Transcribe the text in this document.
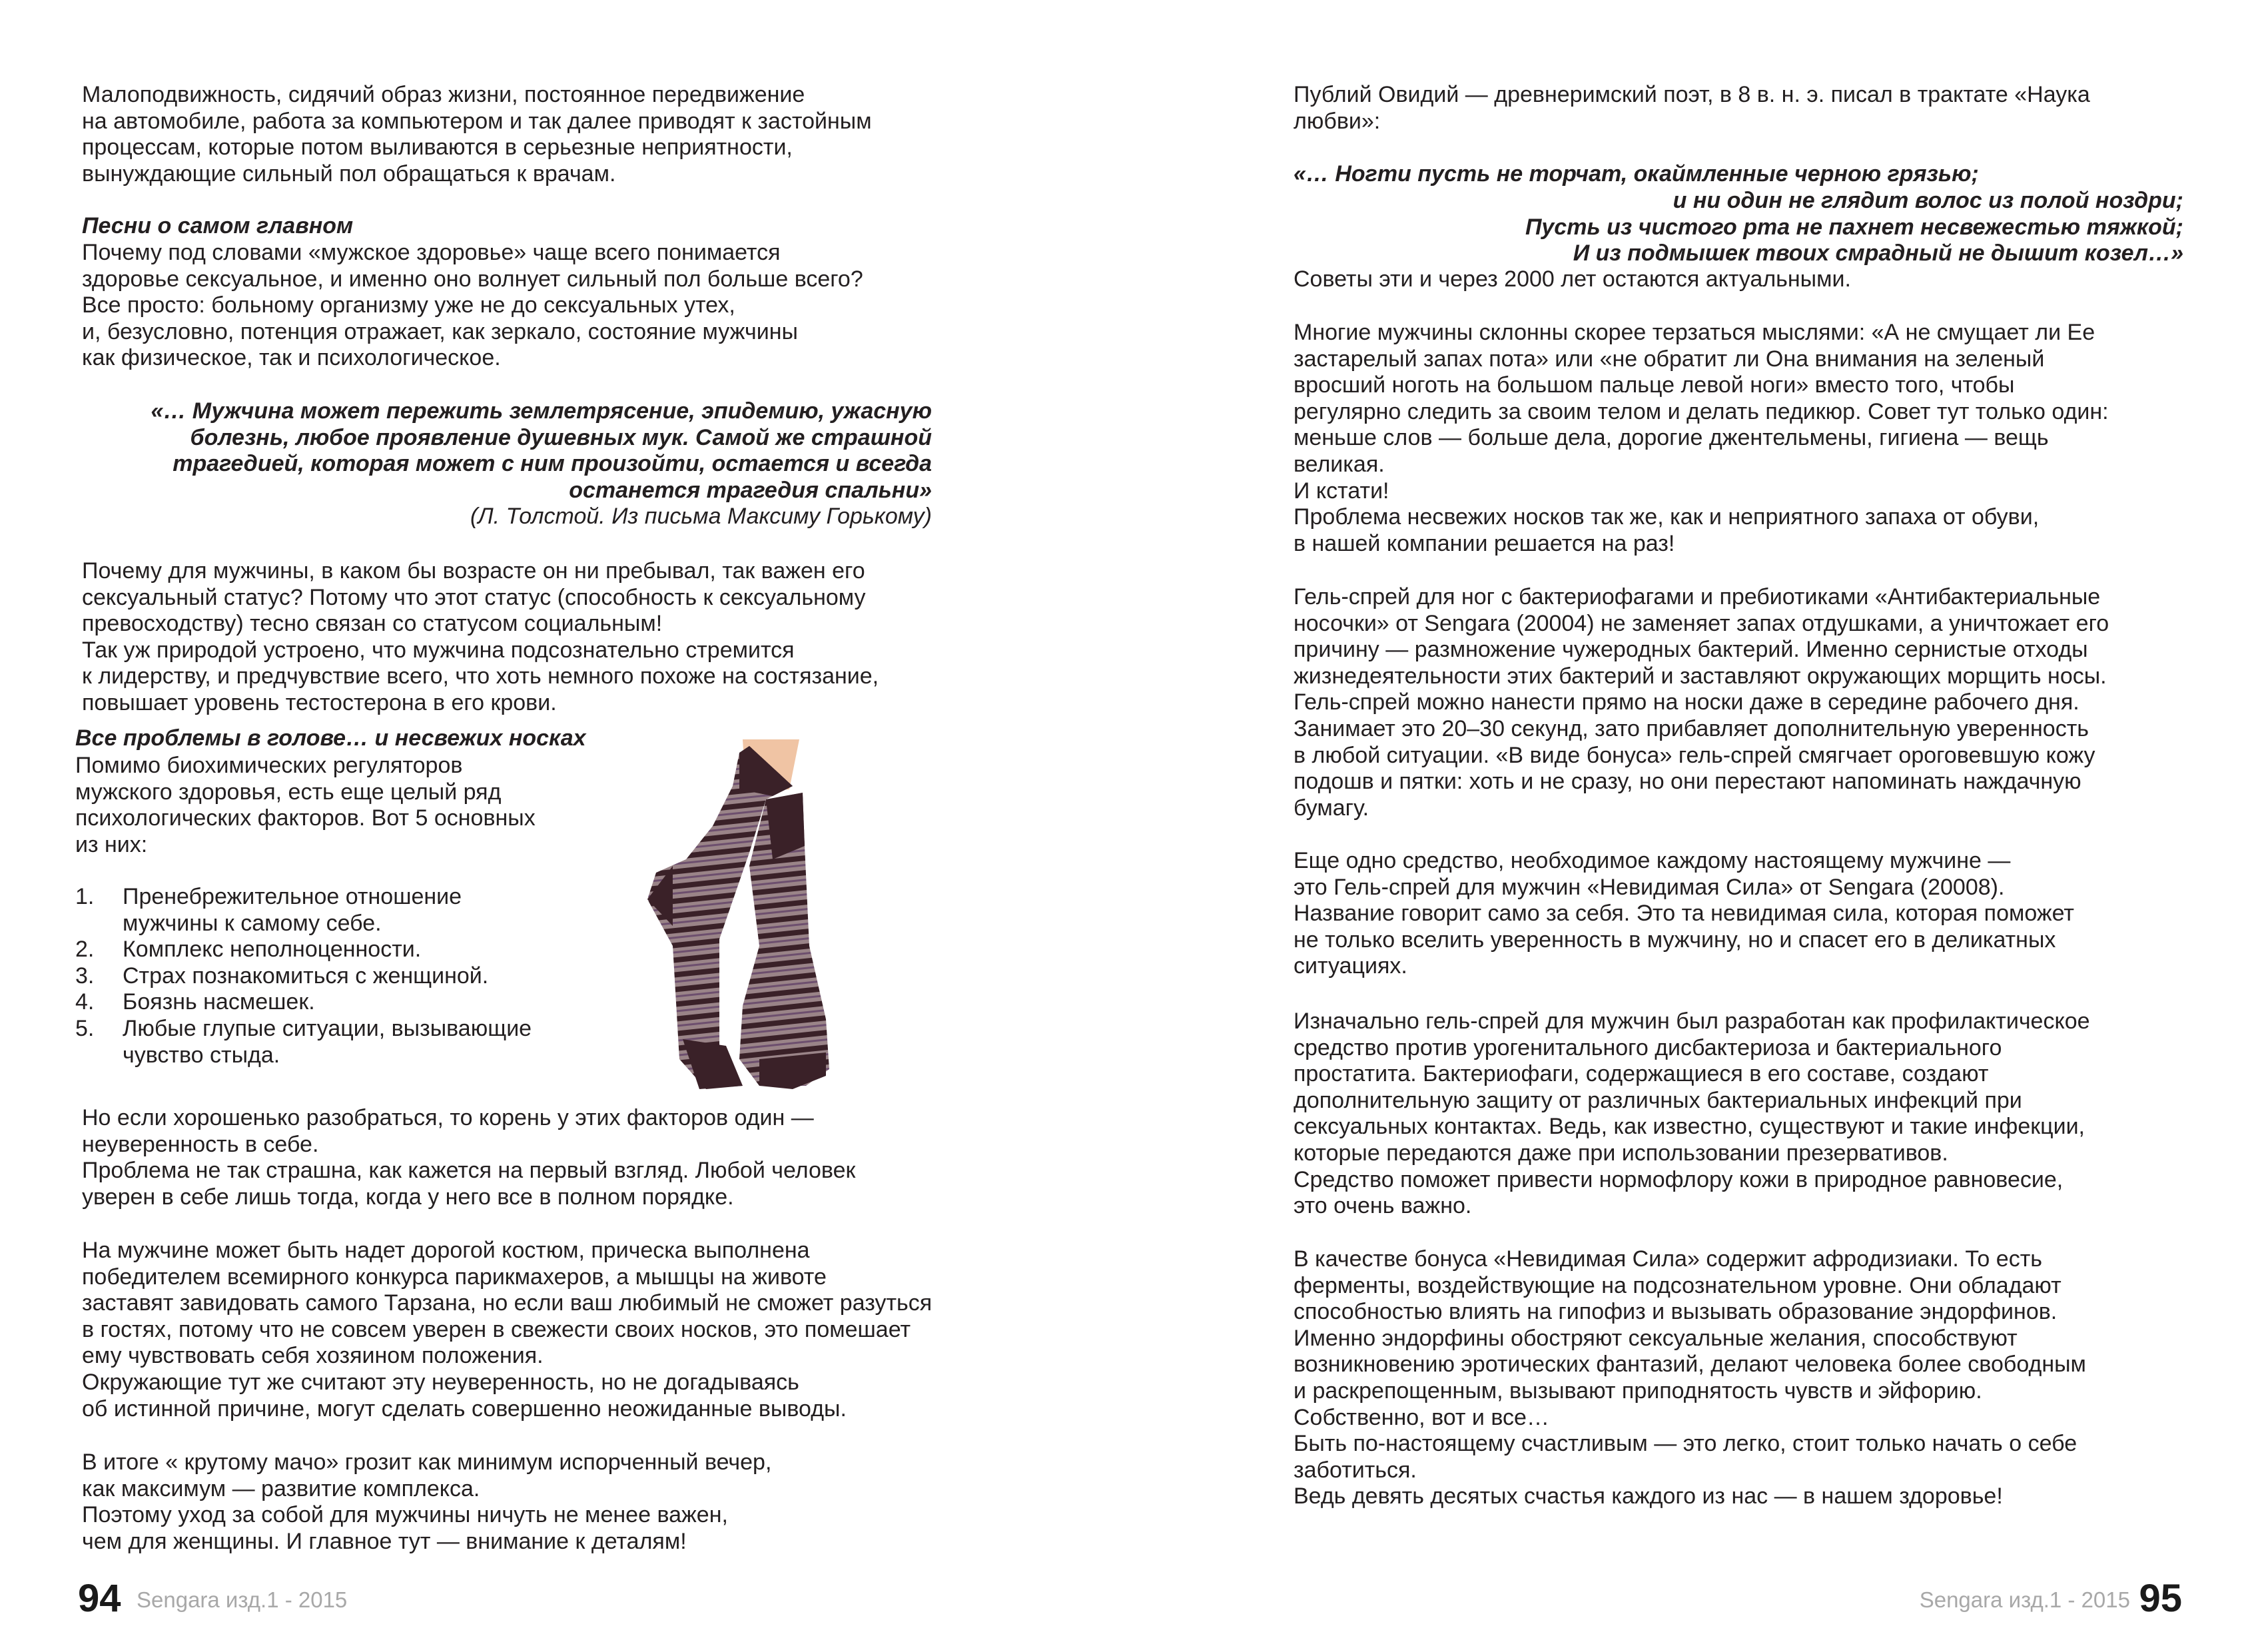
Малоподвижность, сидячий образ жизни, постоянное передвижение
на автомобиле, работа за компьютером и так далее приводят к застойным
процессам, которые потом выливаются в серьезные неприятности,
вынуждающие сильный пол обращаться к врачам.
Песни о самом главном
Почему под словами «мужское здоровье» чаще всего понимается
здоровье сексуальное, и именно оно волнует сильный пол больше всего?
Все просто: больному организму уже не до сексуальных утех,
и, безусловно, потенция отражает, как зеркало, состояние мужчины
как физическое, так и психологическое.
«… Мужчина может пережить землетрясение, эпидемию, ужасную
болезнь, любое проявление душевных мук. Самой же страшной
трагедией, которая может с ним произойти, остается и всегда
останется трагедия спальни»
(Л. Толстой. Из письма Максиму Горькому)
Почему для мужчины, в каком бы возрасте он ни пребывал, так важен его
сексуальный статус? Потому что этот статус (способность к сексуальному
превосходству) тесно связан со статусом социальным!
Так уж природой устроено, что мужчина подсознательно стремится
к лидерству, и предчувствие всего, что хоть немного похоже на состязание,
повышает уровень тестостерона в его крови.
Все проблемы в голове… и несвежих носках
Помимо биохимических регуляторов
мужского здоровья, есть еще целый ряд
психологических факторов. Вот 5 основных
из них:
1. Пренебрежительное отношение
мужчины к самому себе.
2. Комплекс неполноценности.
3. Страх познакомиться с женщиной.
4. Боязнь насмешек.
5. Любые глупые ситуации, вызывающие
чувство стыда.
Но если хорошенько разобраться, то корень у этих факторов один —
неуверенность в себе.
Проблема не так страшна, как кажется на первый взгляд. Любой человек
уверен в себе лишь тогда, когда у него все в полном порядке.
На мужчине может быть надет дорогой костюм, прическа выполнена
победителем всемирного конкурса парикмахеров, а мышцы на животе
заставят завидовать самого Тарзана, но если ваш любимый не сможет разуться
в гостях, потому что не совсем уверен в свежести своих носков, это помешает
ему чувствовать себя хозяином положения.
Окружающие тут же считают эту неуверенность, но не догадываясь
об истинной причине, могут сделать совершенно неожиданные выводы.
В итоге « крутому мачо» грозит как минимум испорченный вечер,
как максимум — развитие комплекса.
Поэтому уход за собой для мужчины ничуть не менее важен,
чем для женщины. И главное тут — внимание к деталям!
94 Sengara изд.1 - 2015
Публий Овидий — древнеримский поэт, в 8 в. н. э. писал в трактате «Наука
любви»:
«… Ногти пусть не торчат, окаймленные черною грязью;
и ни один не глядит волос из полой ноздри;
Пусть из чистого рта не пахнет несвежестью тяжкой;
И из подмышек твоих смрадный не дышит козел…»
Советы эти и через 2000 лет остаются актуальными.
Многие мужчины склонны скорее терзаться мыслями: «А не смущает ли Ее
застарелый запах пота» или «не обратит ли Она внимания на зеленый
вросший ноготь на большом пальце левой ноги» вместо того, чтобы
регулярно следить за своим телом и делать педикюр. Совет тут только один:
меньше слов — больше дела, дорогие джентельмены, гигиена — вещь
великая.
И кстати!
Проблема несвежих носков так же, как и неприятного запаха от обуви,
в нашей компании решается на раз!
Гель-спрей для ног с бактериофагами и пребиотиками «Антибактериальные
носочки» от Sengara (20004) не заменяет запах отдушками, а уничтожает его
причину — размножение чужеродных бактерий. Именно сернистые отходы
жизнедеятельности этих бактерий и заставляют окружающих морщить носы.
Гель-спрей можно нанести прямо на носки даже в середине рабочего дня.
Занимает это 20–30 секунд, зато прибавляет дополнительную уверенность
в любой ситуации. «В виде бонуса» гель-спрей смягчает ороговевшую кожу
подошв и пятки: хоть и не сразу, но они перестают напоминать наждачную
бумагу.
Еще одно средство, необходимое каждому настоящему мужчине —
это Гель-спрей для мужчин «Невидимая Сила» от Sengara (20008).
Название говорит само за себя. Это та невидимая сила, которая поможет
не только вселить уверенность в мужчину, но и спасет его в деликатных
ситуациях.
Изначально гель-спрей для мужчин был разработан как профилактическое
средство против урогенитального дисбактериоза и бактериального
простатита. Бактериофаги, содержащиеся в его составе, создают
дополнительную защиту от различных бактериальных инфекций при
сексуальных контактах. Ведь, как известно, существуют и такие инфекции,
которые передаются даже при использовании презервативов.
Средство поможет привести нормофлору кожи в природное равновесие,
это очень важно.
В качестве бонуса «Невидимая Сила» содержит афродизиаки. То есть
ферменты, воздействующие на подсознательном уровне. Они обладают
способностью влиять на гипофиз и вызывать образование эндорфинов.
Именно эндорфины обостряют сексуальные желания, способствуют
возникновению эротических фантазий, делают человека более свободным
и раскрепощенным, вызывают приподнятость чувств и эйфорию.
Собственно, вот и все…
Быть по-настоящему счастливым — это легко, стоит только начать о себе
заботиться.
Ведь девять десятых счастья каждого из нас — в нашем здоровье!
Sengara изд.1 - 2015 95
